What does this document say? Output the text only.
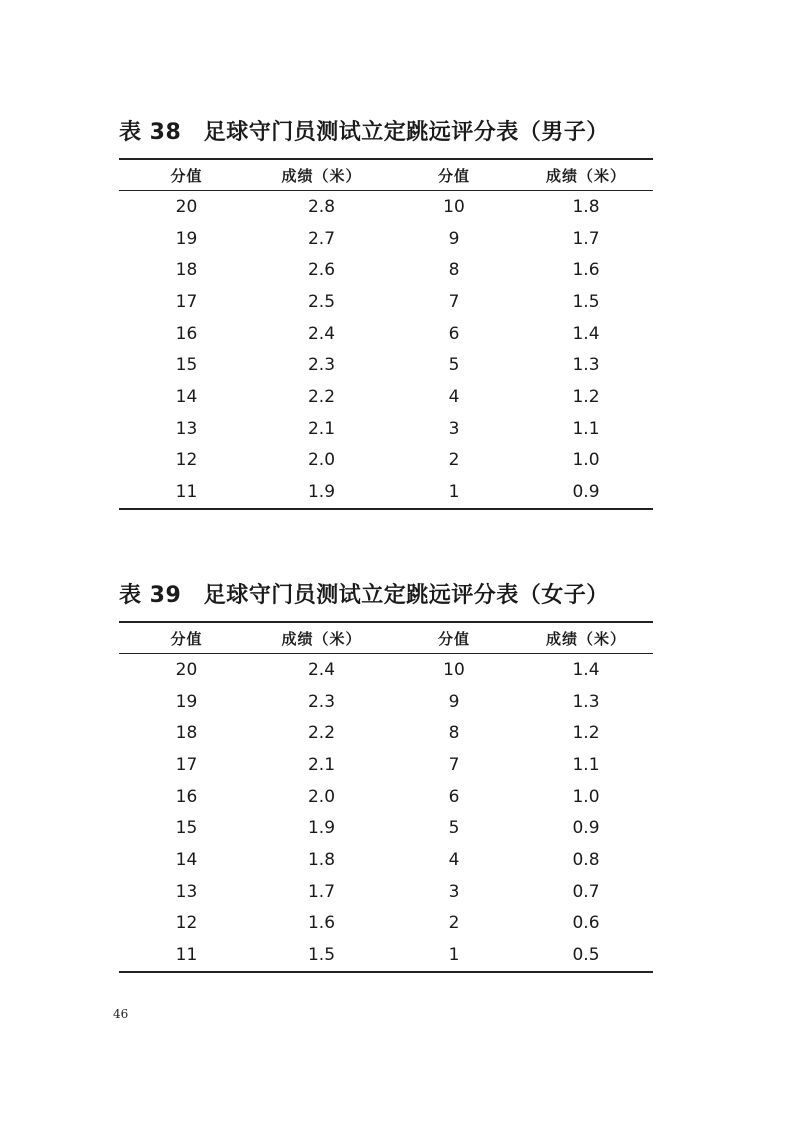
表 38　足球守门员测试立定跳远评分表（男子）
分值	成绩（米）	分值	成绩（米）
20	2.8	10	1.8
19	2.7	9	1.7
18	2.6	8	1.6
17	2.5	7	1.5
16	2.4	6	1.4
15	2.3	5	1.3
14	2.2	4	1.2
13	2.1	3	1.1
12	2.0	2	1.0
11	1.9	1	0.9
表 39　足球守门员测试立定跳远评分表（女子）
分值	成绩（米）	分值	成绩（米）
20	2.4	10	1.4
19	2.3	9	1.3
18	2.2	8	1.2
17	2.1	7	1.1
16	2.0	6	1.0
15	1.9	5	0.9
14	1.8	4	0.8
13	1.7	3	0.7
12	1.6	2	0.6
11	1.5	1	0.5
46
